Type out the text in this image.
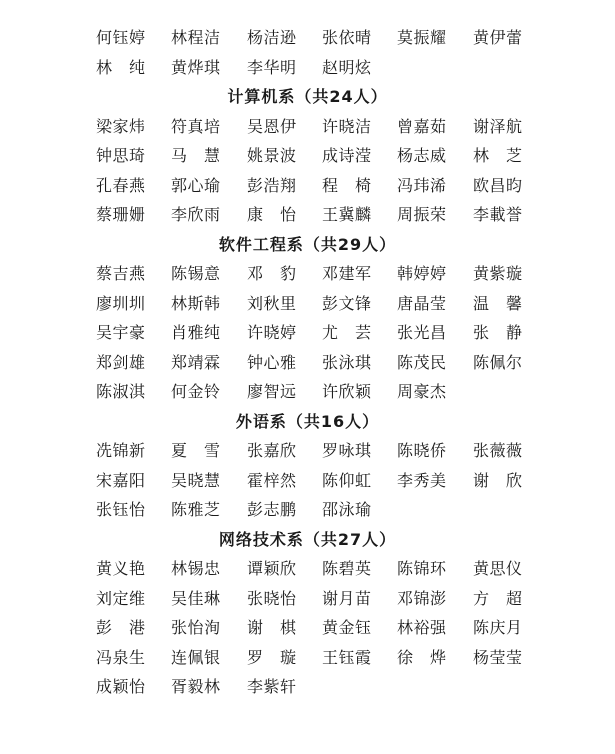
何钰婷	林程洁	杨洁逊	张依晴	莫振耀	黄伊蕾
林　纯	黄烨琪	李华明	赵明炫
计算机系（共24人）
梁家炜	符真培	吴恩伊	许晓洁	曾嘉茹	谢泽航
钟思琦	马　慧	姚景波	成诗滢	杨志威	林　芝
孔春燕	郭心瑜	彭浩翔	程　椅	冯玮浠	欧昌昀
蔡珊姗	李欣雨	康　怡	王冀麟	周振荣	李載誉
软件工程系（共29人）
蔡吉燕	陈锡意	邓　豹	邓建军	韩婷婷	黄紫璇
廖圳圳	林斯韩	刘秋里	彭文锋	唐晶莹	温　馨
吴宇豪	肖雅纯	许晓婷	尤　芸	张光昌	张　静
郑剑雄	郑靖霖	钟心雅	张泳琪	陈茂民	陈佩尔
陈淑淇	何金铃	廖智远	许欣颖	周豪杰
外语系（共16人）
冼锦新	夏　雪	张嘉欣	罗咏琪	陈晓侨	张薇薇
宋嘉阳	吴晓慧	霍梓然	陈仰虹	李秀美	谢　欣
张钰怡	陈雅芝	彭志鹏	邵泳瑜
网络技术系（共27人）
黄义艳	林锡忠	谭颖欣	陈碧英	陈锦环	黄思仪
刘定维	吴佳琳	张晓怡	谢月苗	邓锦澎	方　超
彭　港	张怡洵	谢　棋	黄金钰	林裕强	陈庆月
冯泉生	连佩银	罗　璇	王钰霞	徐　烨	杨莹莹
成颖怡	胥毅林	李紫轩
